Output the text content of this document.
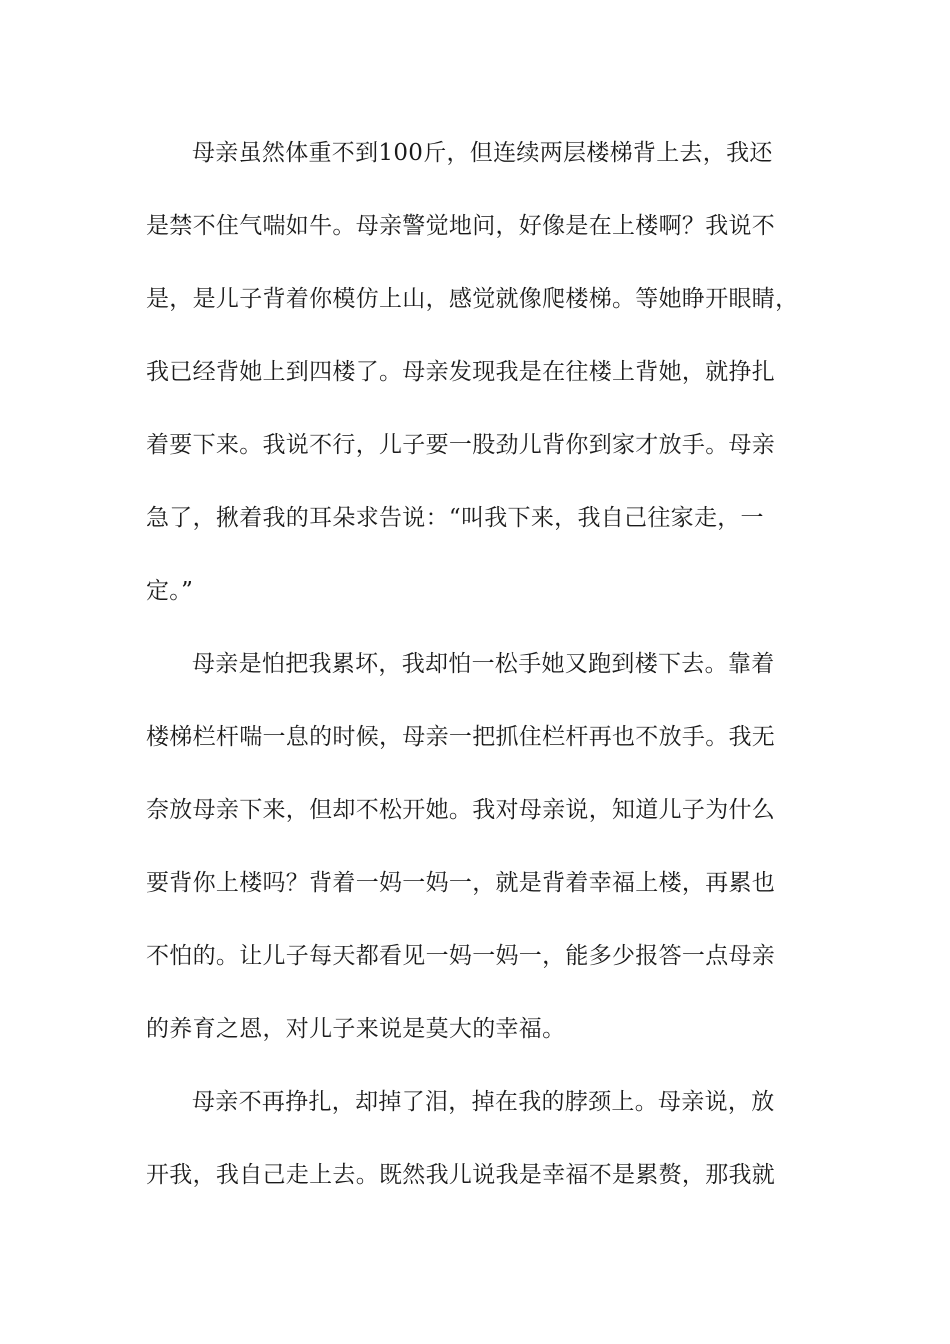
母亲虽然体重不到100斤，但连续两层楼梯背上去，我还
是禁不住气喘如牛。母亲警觉地问，好像是在上楼啊？我说不
是，是儿子背着你模仿上山，感觉就像爬楼梯。等她睁开眼睛，
我已经背她上到四楼了。母亲发现我是在往楼上背她，就挣扎
着要下来。我说不行，儿子要一股劲儿背你到家才放手。母亲
急了，揪着我的耳朵求告说：“叫我下来，我自己往家走，一
定。”
母亲是怕把我累坏，我却怕一松手她又跑到楼下去。靠着
楼梯栏杆喘一息的时候，母亲一把抓住栏杆再也不放手。我无
奈放母亲下来，但却不松开她。我对母亲说，知道儿子为什么
要背你上楼吗？背着一妈一妈一，就是背着幸福上楼，再累也
不怕的。让儿子每天都看见一妈一妈一，能多少报答一点母亲
的养育之恩，对儿子来说是莫大的幸福。
母亲不再挣扎，却掉了泪，掉在我的脖颈上。母亲说，放
开我，我自己走上去。既然我儿说我是幸福不是累赘，那我就
